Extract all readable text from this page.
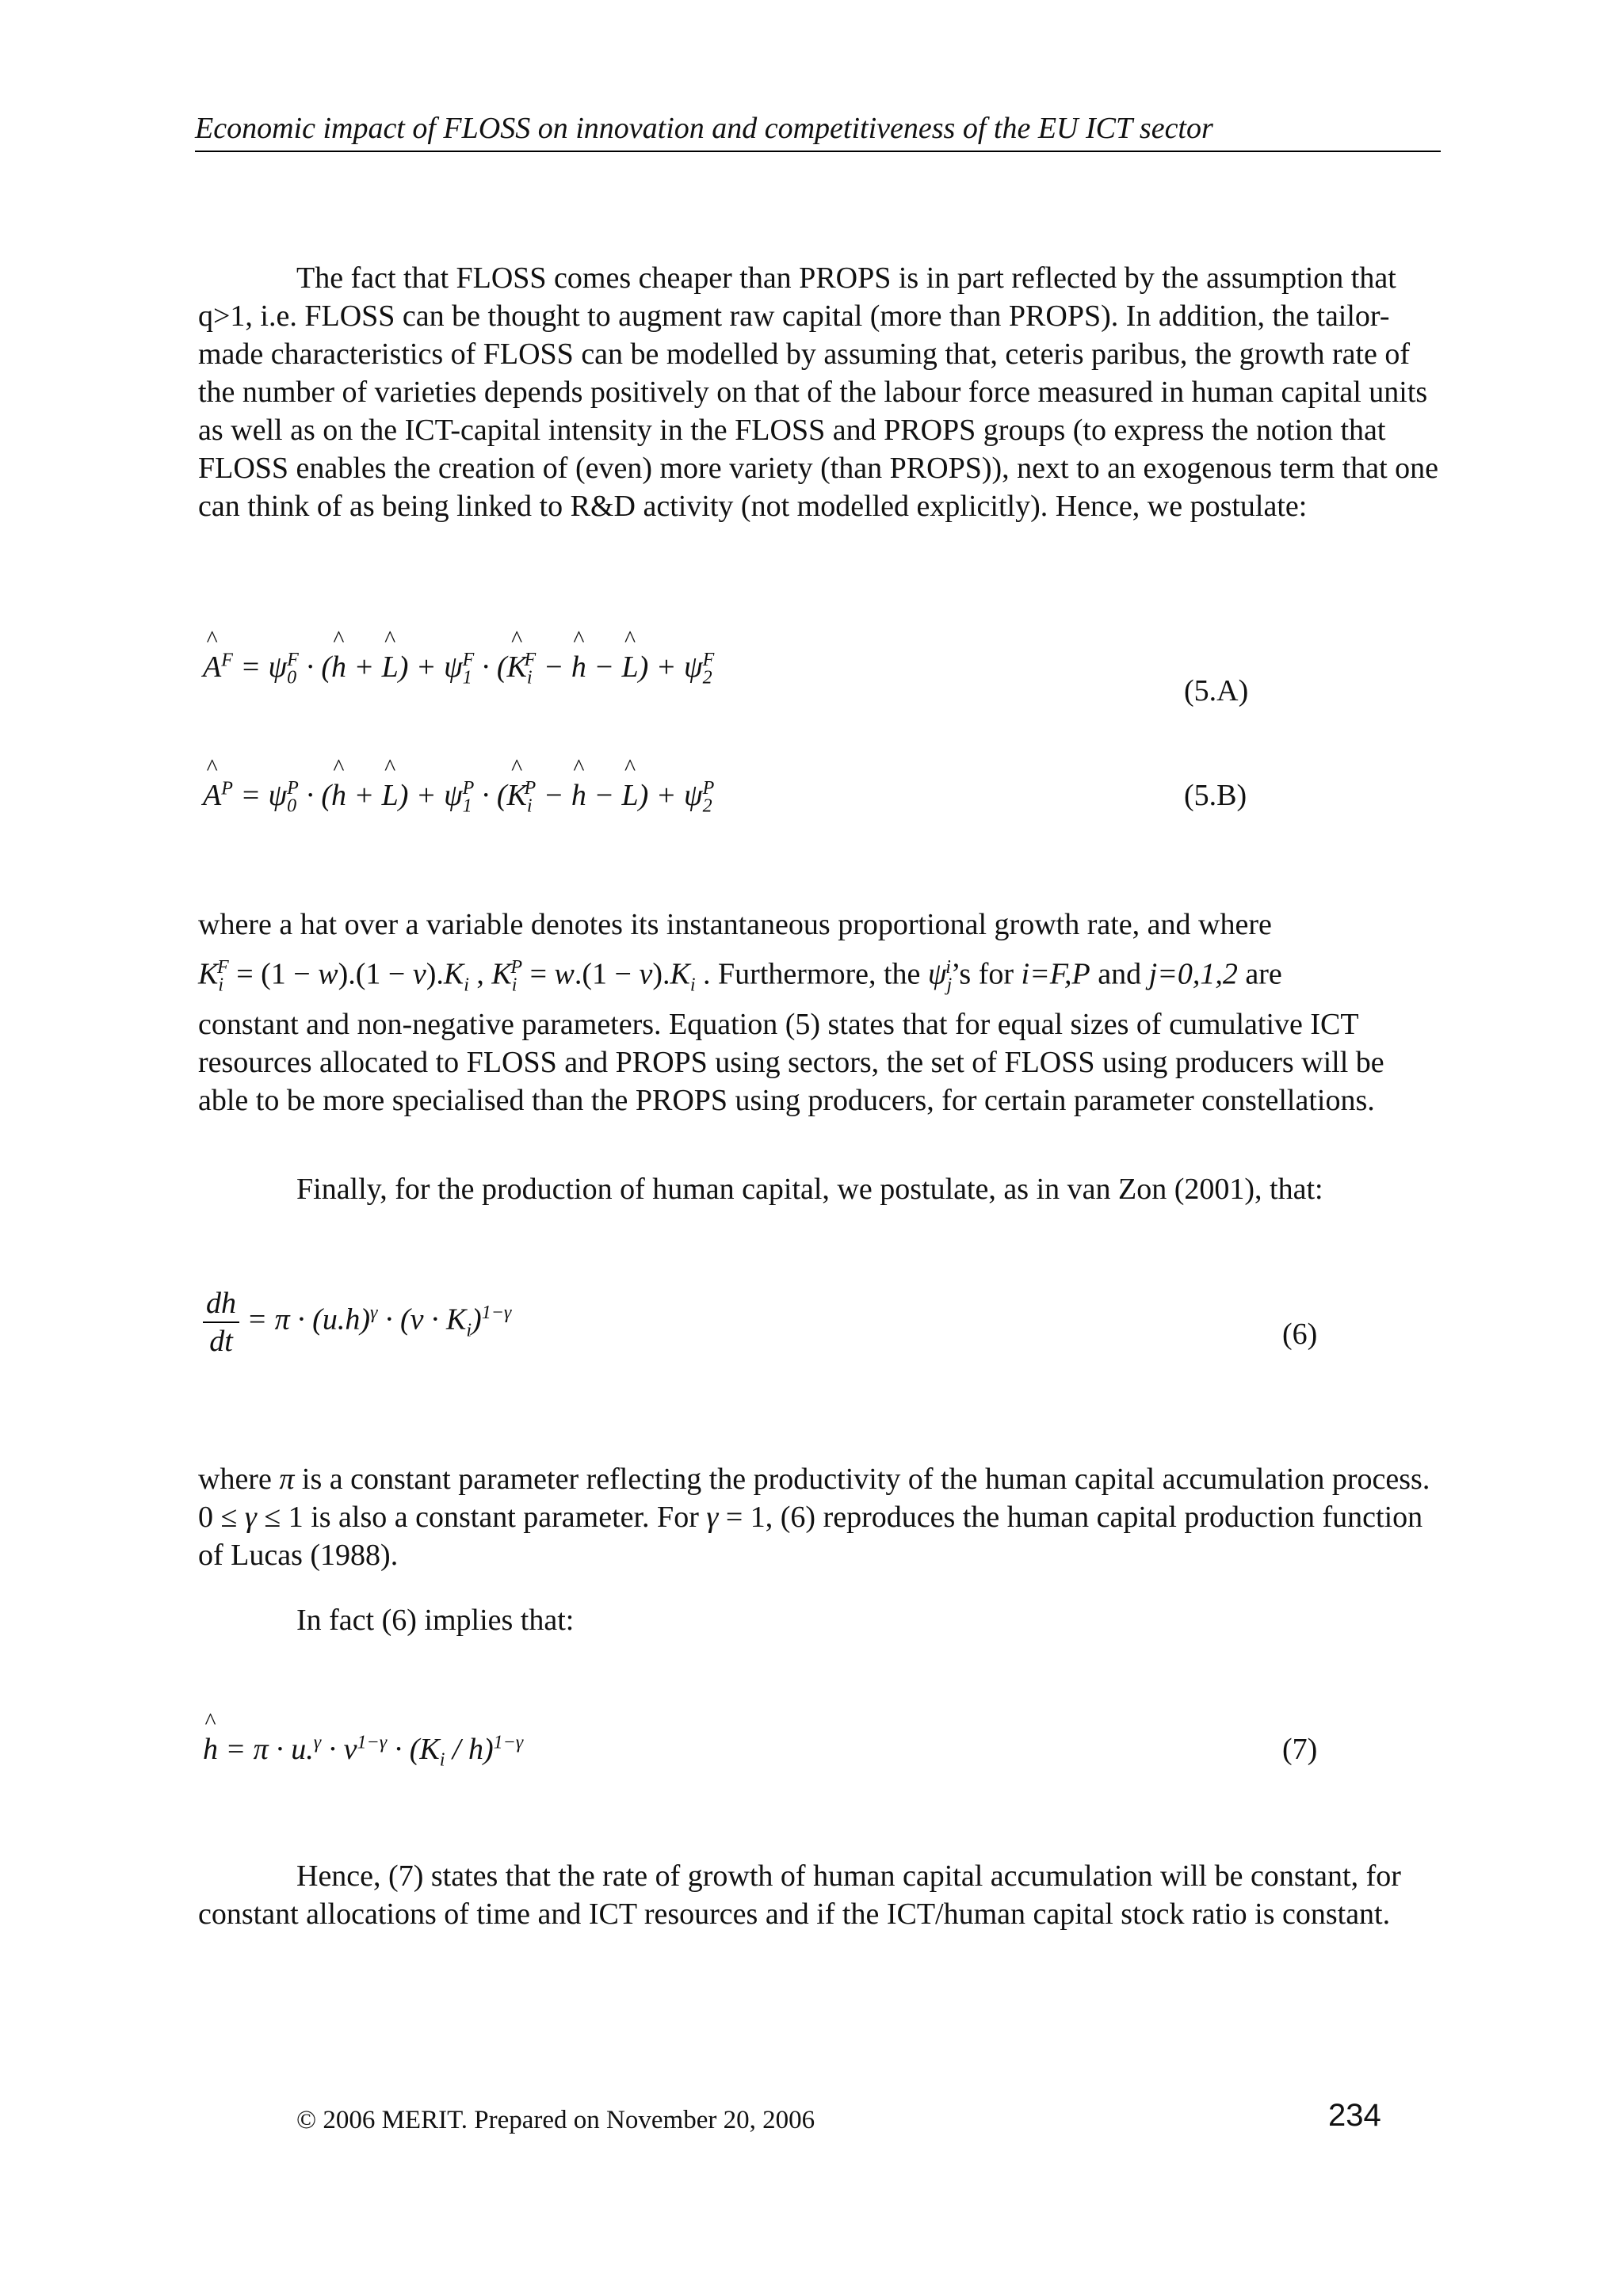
Economic impact of FLOSS on innovation and competitiveness of the EU ICT sector

The fact that FLOSS comes cheaper than PROPS is in part reflected by the assumption that q>1, i.e. FLOSS can be thought to augment raw capital (more than PROPS). In addition, the tailor-made characteristics of FLOSS can be modelled by assuming that, ceteris paribus, the growth rate of the number of varieties depends positively on that of the labour force measured in human capital units as well as on the ICT-capital intensity in the FLOSS and PROPS groups (to express the notion that FLOSS enables the creation of (even) more variety (than PROPS)), next to an exogenous term that one can think of as being linked to R&D activity (not modelled explicitly). Hence, we postulate:

^ $A^F = \psi_0^F$ · (^ h + ^ $L) + \psi_1^F$ · (^ $K_i^F$ − ^ h − ^ $L) + \psi_2^F$
(5.A)
^ $A^P = \psi_0^P$ · (^ h + ^ $L) + \psi_1^P$ · (^ $K_i^P$ − ^ h − ^ $L) + \psi_2^P$	(5.B)

where a hat over a variable denotes its instantaneous proportional growth rate, and where

$K_i^F = (1 - w).(1 - v).K_i$ , $K_i^P = w.(1 - v).K_i$ . Furthermore, the $\psi_j^i’s$ for i=F,P and j=0,1,2 are

constant and non-negative parameters. Equation (5) states that for equal sizes of cumulative ICT resources allocated to FLOSS and PROPS using sectors, the set of FLOSS using producers will be able to be more specialised than the PROPS using producers, for certain parameter constellations.

Finally, for the production of human capital, we postulate, as in van Zon (2001), that:

$\frac{dh}{dt} = \pi \cdot (u.h)^\gamma \cdot (v \cdot K_i)^{1-\gamma}$
(6)

where π is a constant parameter reflecting the productivity of the human capital accumulation process. 0 ≤ γ ≤ 1 is also a constant parameter. For γ = 1, (6) reproduces the human capital production function of Lucas (1988).

In fact (6) implies that:

^ $h = \pi \cdot u.^\gamma \cdot v^{1-\gamma} \cdot (K_i / h)^{1-\gamma}$	(7)

Hence, (7) states that the rate of growth of human capital accumulation will be constant, for constant allocations of time and ICT resources and if the ICT/human capital stock ratio is constant.

© 2006 MERIT. Prepared on November 20, 2006	234
